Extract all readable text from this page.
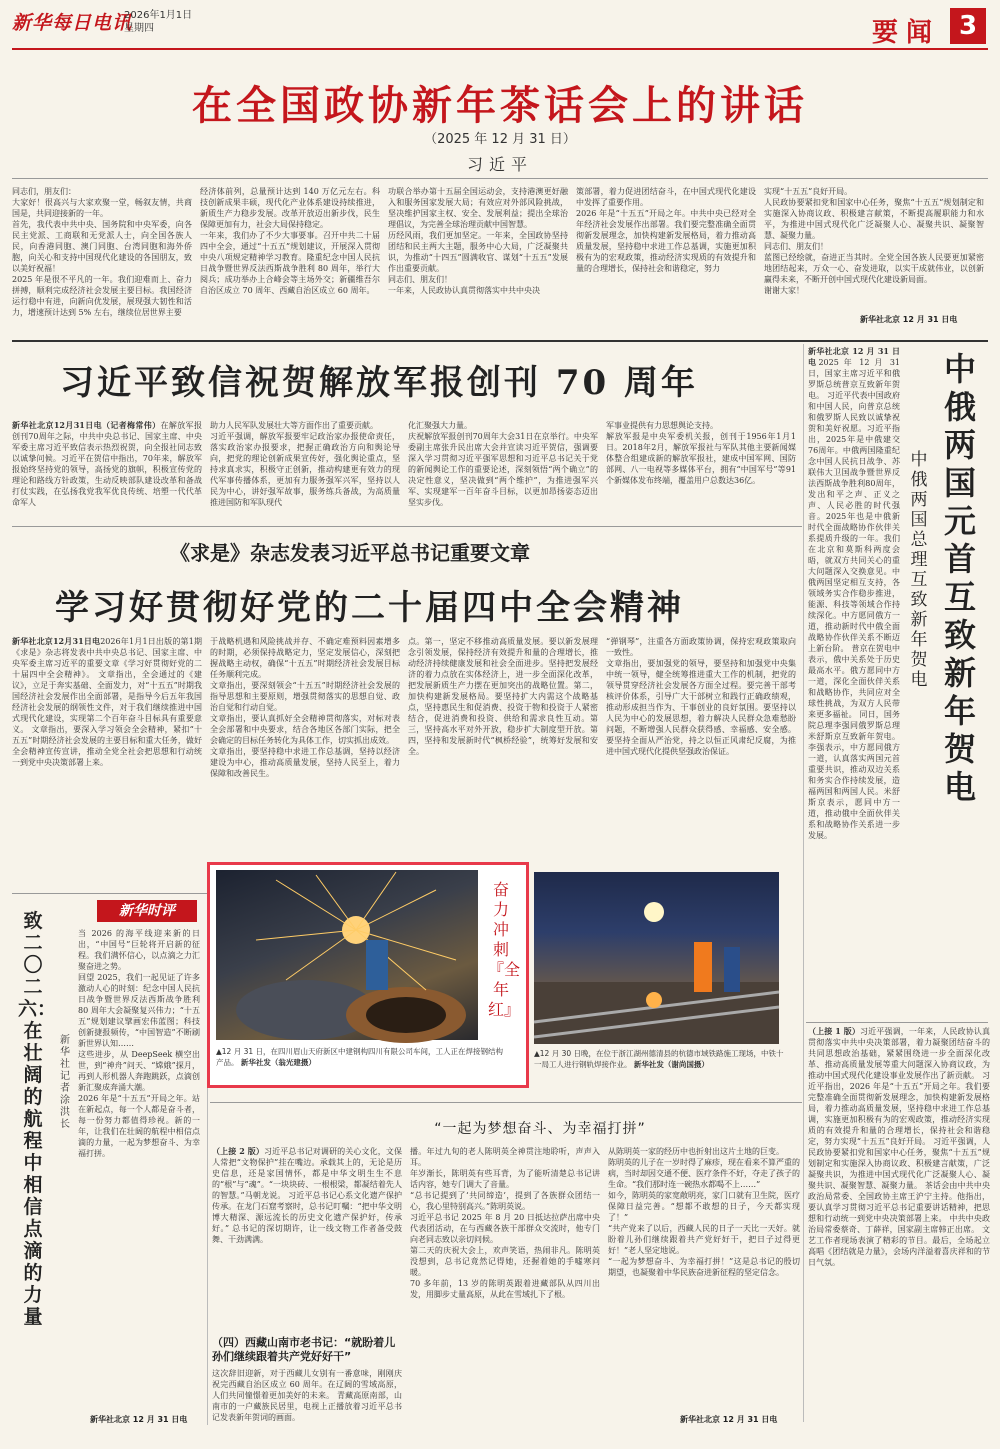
新华每日电讯
2026年1月1日
星期四	要闻 3
在全国政协新年茶话会上的讲话
（2025 年 12 月 31 日）
习近平
同志们，朋友们：
大家好！很高兴与大家欢聚一堂，畅叙友情，共商国是，共同迎接新的一年。
首先，我代表中共中央、国务院和中央军委，向各民主党派、工商联和无党派人士，向全国各族人民，向香港同胞、澳门同胞、台湾同胞和海外侨胞，向关心和支持中国现代化建设的各国朋友，致以美好祝福！
2025 年是很不平凡的一年。我们迎难而上、奋力拼搏，顺利完成经济社会发展主要目标。我国经济运行稳中有进，向新向优发展，展现强大韧性和活力，增速预计达到 5% 左右，继续位居世界主要
经济体前列，总量预计达到 140 万亿元左右。科技创新成果丰硕，现代化产业体系建设持续推进，新质生产力稳步发展。改革开放迈出新步伐，民生保障更加有力，社会大局保持稳定。
一年来，我们办了不少大事要事。召开中共二十届四中全会，通过“十五五”规划建议，开展深入贯彻中央八项规定精神学习教育。隆重纪念中国人民抗日战争暨世界反法西斯战争胜利 80 周年，举行大阅兵；成功举办上合峰会等主场外交；新疆维吾尔自治区成立 70 周年、西藏自治区成立 60 周年。
功联合举办第十五届全国运动会，支持港澳更好融入和服务国家发展大局；有效应对外部风险挑战，坚决维护国家主权、安全、发展利益；提出全球治理倡议，为完善全球治理贡献中国智慧。
历经风雨，我们更加坚定。一年来，全国政协坚持团结和民主两大主题，服务中心大局，广泛凝聚共识，为推动“十四五”圆满收官、谋划“十五五”发展作出重要贡献。
同志们、朋友们！
一年来，人民政协认真贯彻落实中共中央决
策部署，着力促进团结奋斗，在中国式现代化建设中发挥了重要作用。
2026 年是“十五五”开局之年。中共中央已经对全年经济社会发展作出部署。我们要完整准确全面贯彻新发展理念，加快构建新发展格局，着力推动高质量发展，坚持稳中求进工作总基调，实施更加积极有为的宏观政策，推动经济实现质的有效提升和量的合理增长，保持社会和谐稳定，努力
实现“十五五”良好开局。
人民政协要紧扣党和国家中心任务，聚焦“十五五”规划制定和实施深入协商议政、积极建言献策，不断提高履职能力和水平，为推进中国式现代化广泛凝聚人心、凝聚共识、凝聚智慧、凝聚力量。
同志们、朋友们！
蓝图已经绘就，奋进正当其时。全党全国各族人民要更加紧密地团结起来，万众一心、奋发进取，以实干成就伟业，以创新赢得未来，不断开创中国式现代化建设新局面。
谢谢大家！
新华社北京 12 月 31 日电
习近平致信祝贺解放军报创刊 70 周年
新华社北京12月31日电（记者梅常伟）在解放军报创刊70周年之际，中共中央总书记、国家主席、中央军委主席习近平致信表示热烈祝贺，向全报社同志致以诚挚问候。习近平在贺信中指出，70年来，解放军报始终坚持党的领导，高扬党的旗帜，积极宣传党的理论和路线方针政策，生动反映部队建设改革和备战打仗实践，在弘扬我党我军优良传统、培塑一代代革命军人
助力人民军队发展壮大等方面作出了重要贡献。
习近平强调，解放军报要牢记政治家办报使命责任，落实政治家办报要求，把握正确政治方向和舆论导向，把党的理论创新成果宣传好，强化舆论重点，坚持求真求实，积极守正创新，推动构建更有效力的现代军事传播体系，更加有力服务强军兴军，坚持以人民为中心，讲好强军故事，服务练兵备战，为高质量推进国防和军队现代
化汇聚强大力量。
庆祝解放军报创刊70周年大会31日在京举行。中央军委副主席张升民出席大会并宣读习近平贺信，强调要深入学习贯彻习近平强军思想和习近平总书记关于党的新闻舆论工作的重要论述，深刻领悟“两个确立”的决定性意义，坚决做到“两个维护”，为推进强军兴军、实现建军一百年奋斗目标，以更加昂扬姿态迈出坚实步伐。
军事业提供有力思想舆论支持。
解放军报是中央军委机关报，创刊于1956年1月1日。2018年2月，解放军报社与军队其他主要新闻媒体整合组建成新的解放军报社，建成中国军网、国防部网、八一电视等多媒体平台，拥有“中国军号”等91个新媒体发布终端，覆盖用户总数达36亿。
《求是》杂志发表习近平总书记重要文章
学习好贯彻好党的二十届四中全会精神
新华社北京12月31日电2026年1月1日出版的第1期《求是》杂志将发表中共中央总书记、国家主席、中央军委主席习近平的重要文章《学习好贯彻好党的二十届四中全会精神》。 文章指出，全会通过的《建议》，立足于奔实基础、全面发力，对“十五五”时期我国经济社会发展作出全面部署，是指导今后五年我国经济社会发展的纲领性文件，对于我们继续推进中国式现代化建设，实现第二个百年奋斗目标具有重要意义。 文章指出，要深入学习领会全会精神，紧扣“十五五”时期经济社会发展的主要目标和重大任务，做好全会精神宣传宣讲，推动全党全社会把思想和行动统一到党中央决策部署上来。
于战略机遇和风险挑战并存、不确定难预料因素增多的时期，必须保持战略定力，坚定发展信心，深刻把握战略主动权，确保“十五五”时期经济社会发展目标任务顺利完成。
文章指出，要深刻领会“十五五”时期经济社会发展的指导思想和主要原则，增强贯彻落实的思想自觉、政治自觉和行动自觉。
文章指出，要认真抓好全会精神贯彻落实，对标对表全会部署和中央要求，结合各地区各部门实际，把全会确定的目标任务转化为具体工作，切实抓出成效。
文章指出，要坚持稳中求进工作总基调，坚持以经济建设为中心，推动高质量发展，坚持人民至上，着力保障和改善民生。
点。第一，坚定不移推动高质量发展。要以新发展理念引领发展，保持经济有效提升和量的合理增长，推动经济持续健康发展和社会全面进步。坚持把发展经济的着力点放在实体经济上，进一步全面深化改革，把发展新质生产力摆在更加突出的战略位置。第二，加快构建新发展格局。要坚持扩大内需这个战略基点，坚持惠民生和促消费、投资于物和投资于人紧密结合，促进消费和投资、供给和需求良性互动。第三，坚持高水平对外开放，稳步扩大制度型开放。第四，坚持和发展新时代“枫桥经验”，统筹好发展和安全。
“弹钢琴”，注重各方面政策协调，保持宏观政策取向一致性。
文章指出，要加强党的领导，要坚持和加强党中央集中统一领导，健全统筹推进重大工作的机制，把党的领导贯穿经济社会发展各方面全过程。要完善干部考核评价体系，引导广大干部树立和践行正确政绩观，推动形成担当作为、干事创业的良好氛围。要坚持以人民为中心的发展思想，着力解决人民群众急难愁盼问题，不断增强人民群众获得感、幸福感、安全感。要坚持全面从严治党，持之以恒正风肃纪反腐，为推进中国式现代化提供坚强政治保证。
中俄两国元首互致新年贺电
中俄两国总理互致新年贺电
新华社北京 12 月 31 日电2025 年 12 月 31 日，国家主席习近平和俄罗斯总统普京互致新年贺电。 习近平代表中国政府和中国人民，向普京总统和俄罗斯人民致以诚挚祝贺和美好祝愿。习近平指出，2025年是中俄建交76周年。中俄两国隆重纪念中国人民抗日战争、苏联伟大卫国战争暨世界反法西斯战争胜利80周年，发出和平之声、正义之声、人民必胜的时代强音。2025年也是中俄新时代全面战略协作伙伴关系提质升级的一年。我们在北京和莫斯科两度会晤，就双方共同关心的重大问题深入交换意见。中俄两国坚定相互支持，各领域务实合作稳步推进，能源、科技等领域合作持续深化。中方愿同俄方一道，推动新时代中俄全面战略协作伙伴关系不断迈上新台阶。 普京在贺电中表示，俄中关系处于历史最高水平。俄方愿同中方一道，深化全面伙伴关系和战略协作，共同应对全球性挑战，为双方人民带来更多福祉。 同日，国务院总理李强同俄罗斯总理米舒斯京互致新年贺电。李强表示，中方愿同俄方一道，认真落实两国元首重要共识，推动双边关系和务实合作持续发展，造福两国和两国人民。米舒斯京表示，愿同中方一道，推动俄中全面伙伴关系和战略协作关系进一步发展。
（上接 1 版）习近平强调，一年来，人民政协认真贯彻落实中共中央决策部署，着力凝聚团结奋斗的共同思想政治基础，紧紧围绕进一步全面深化改革、推动高质量发展等重大问题深入协商议政，为推动中国式现代化建设事业发展作出了新贡献。 习近平指出，2026 年是“十五五”开局之年。我们要完整准确全面贯彻新发展理念，加快构建新发展格局，着力推动高质量发展，坚持稳中求进工作总基调，实施更加积极有为的宏观政策，推动经济实现质的有效提升和量的合理增长，保持社会和谐稳定，努力实现“十五五”良好开局。 习近平强调，人民政协要紧扣党和国家中心任务，聚焦“十五五”规划制定和实施深入协商议政、积极建言献策，广泛凝聚共识，为推进中国式现代化广泛凝聚人心、凝聚共识、凝聚智慧、凝聚力量。 茶话会由中共中央政治局常委、全国政协主席王沪宁主持。他指出，要认真学习贯彻习近平总书记重要讲话精神，把思想和行动统一到党中央决策部署上来。 中共中央政治局常委蔡奇、丁薛祥，国家副主席韩正出席。 文艺工作者现场表演了精彩的节目。最后，全场起立高唱《团结就是力量》，会场内洋溢着喜庆祥和的节日气氛。
新华时评
致二〇二六：在壮阔的航程中相信点滴的力量
新华社记者 涂洪长
当 2026 的海平线迎来新的日出，“中国号”巨轮将开启新的征程。我们满怀信心，以点滴之力汇聚奋进之势。
回望 2025，我们一起见证了许多激动人心的时刻：纪念中国人民抗日战争暨世界反法西斯战争胜利 80 周年大会凝聚复兴伟力；“十五五”规划建议擘画宏伟蓝图；科技创新捷报频传，“中国智造”不断刷新世界认知……
这些进步，从 DeepSeek 横空出世，到“神舟”问天、“嫦娥”探月，再到人形机器人奔跑跳跃，点滴创新汇聚成奔涌大潮。
2026 年是“十五五”开局之年。站在新起点，每一个人都是奋斗者，每一份努力都值得珍视。新的一年，让我们在壮阔的航程中相信点滴的力量，一起为梦想奋斗、为幸福打拼。
新华社北京 12 月 31 日电
奋力冲刺『全年红』
▲12 月 31 日，在四川眉山天府新区中建钢构四川有限公司车间，工人正在焊接钢结构产品。 新华社发（翁光建摄）
▲12 月 30 日晚，在位于浙江湖州德清县的杭德市域铁路施工现场，中铁十一局工人进行钢轨焊接作业。 新华社发（谢尚国摄）
“一起为梦想奋斗、为幸福打拼”
（上接 2 版）习近平总书记对调研的关心文化，文保人常把“文物保护”挂在嘴边。承载其上的，无论是历史信息，还是家国情怀，都是中华文明生生不息的“根”与“魂”。“一块块砖、一根根梁，都凝结着先人的智慧。”马朝龙说。 习近平总书记心系文化遗产保护传承。在龙门石窟考察时，总书记叮嘱：“把中华文明博大精深、源远流长的历史文化遗产保护好，传承好。” 总书记的深切期许，让一线文物工作者备受鼓舞、干劲满满。
（四）西藏山南市老书记：“就盼着儿孙们继续跟着共产党好好干”
这次辞旧迎新，对于西藏儿女别有一番意味，刚刚庆祝完西藏自治区成立 60 周年。在辽阔的雪域高原，人们共同憧憬着更加美好的未来。 青藏高原南部，山南市的一户藏族民居里，电视上正播放着习近平总书记发表新年贺词的画面。
播。年过九旬的老人陈明英全神贯注地聆听，声声入耳。
年岁渐长，陈明英有些耳背，为了能听清楚总书记讲话内容，她专门调大了音量。
“总书记提到了‘共同缔造’，提到了各族群众团结一心，我心里特别高兴。”陈明英说。
习近平总书记 2025 年 8 月 20 日抵达拉萨出席中央代表团活动，在与西藏各族干部群众交流时，他专门向老同志致以亲切问候。
第二天的庆祝大会上，欢声笑语，热闹非凡。陈明英没想到，总书记竟然记得她，还握着她的手嘘寒问暖。
70 多年前，13 岁的陈明英跟着进藏部队从四川出发，用脚步丈量高原，从此在雪域扎下了根。
从陈明英一家的经历中也折射出这片土地的巨变。
陈明英的儿子在一岁时得了麻疹，现在看来不算严重的病，当时却因交通不便、医疗条件不好，夺走了孩子的生命。“我们那时连一碗热水都喝不上……”
如今，陈明英的家宽敞明亮，家门口就有卫生院，医疗保障日益完善。“想都不敢想的日子，今天都实现了！”
“共产党来了以后，西藏人民的日子一天比一天好。就盼着儿孙们继续跟着共产党好好干，把日子过得更好！”老人坚定地说。
“一起为梦想奋斗、为幸福打拼！”这是总书记的殷切期望，也凝聚着中华民族奋进新征程的坚定信念。
新华社北京 12 月 31 日电
